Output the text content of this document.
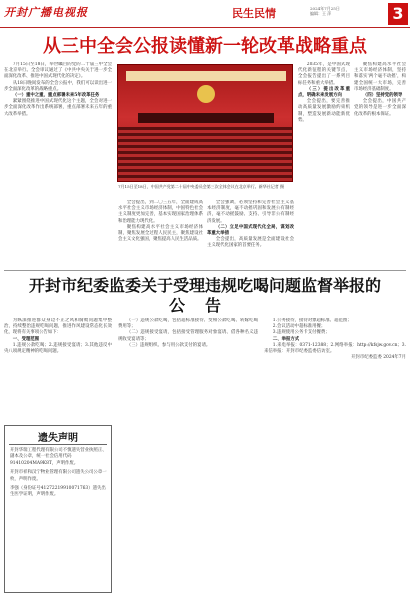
开封广播电视报	民生民情	2024年7月25日
编辑：王 萍	3
从三中全会公报读懂新一轮改革战略重点

7月15日至18日，举世瞩目的党的二十届三中全会在北京举行。全会审议通过了《中共中央关于进一步全面深化改革、推进中国式现代化的决定》。

从18日晚间发布的全会公报中，我们可以读出进一步全面深化改革的战略重点。

（一）重中之重，重点部署未来5年改革任务

紧紧围绕推进中国式现代化这个主题，全会对进一步全面深化改革作出系统部署，重点部署未来五年的重大改革举措。

7月15日至18日，中国共产党第二十届中央委员会第三次全体会议在北京举行。新华社记者 摄

全会提出，到二〇三五年，全面建成高水平社会主义市场经济体制，中国特色社会主义制度更加完善，基本实现国家治理体系和治理能力现代化。

聚焦构建高水平社会主义市场经济体制，聚焦发展全过程人民民主，聚焦建设社会主义文化强国，聚焦提高人民生活品质。

全会强调，必须坚持和完善社会主义基本经济制度，毫不动摇巩固和发展公有制经济，毫不动摇鼓励、支持、引导非公有制经济发展。

（二）立足中国式现代化全局，谋划改革重大举措

全会提出，高质量发展是全面建设社会主义现代化国家的首要任务。

2035年，是中国式现代化新征程的关键节点，全会报告提出了一系列目标任务和重大举措。

（三）提出改革重点，明确未来发展方向

全会提出，要完善推动高质量发展激励约束机制，塑造发展新动能新优势。

聚焦构建高水平社会主义市场经济体制，坚持和落实'两个毫不动摇'，构建全国统一大市场，完善市场经济基础制度。

（四）坚持党的领导

全会提出，中国共产党的领导是进一步全面深化改革的根本保证。

开封市纪委监委关于受理违规吃喝问题监督举报的
公告

为纵深推进群众身边不正之风和腐败问题集中整治，持续整治违规吃喝问题，推进作风建设常态化长效化，现将有关事项公告如下：

一、受理范围

1.违规公款吃喝；2.违规接受宴请；3.其他违反中央八项规定精神的吃喝问题。

（一）违规公款吃喝，包括超标准接待、变相公款吃喝、转嫁吃喝费用等；

（二）违规接受宴请，包括接受管理服务对象宴请、借各种名义违规收受宴请等；

（三）违规组织、参与用公款支付的宴请。

1.公务接待，接待对象超标准、超范围；

2.会议活动中超标准用餐；

3.违规使用公务卡支付餐费；

二、举报方式

1.来电举报：0371-12388；2.网络举报：http://kfsjw.gov.cn；3.来信举报：开封市纪委监委信访室。

开封市纪委监委 2024年7月

遗失声明

开封华瑞工程代理有限公司不慎遗失营业执照正、副本及公章，统一社会信用代码91410204MA9K8T，声明作废。

开封市祥和汉宁物业管理有限公司遗失公司公章一枚，声明作废。

李强（身份证号41272219910071763）遗失出生医学证明，声明作废。
